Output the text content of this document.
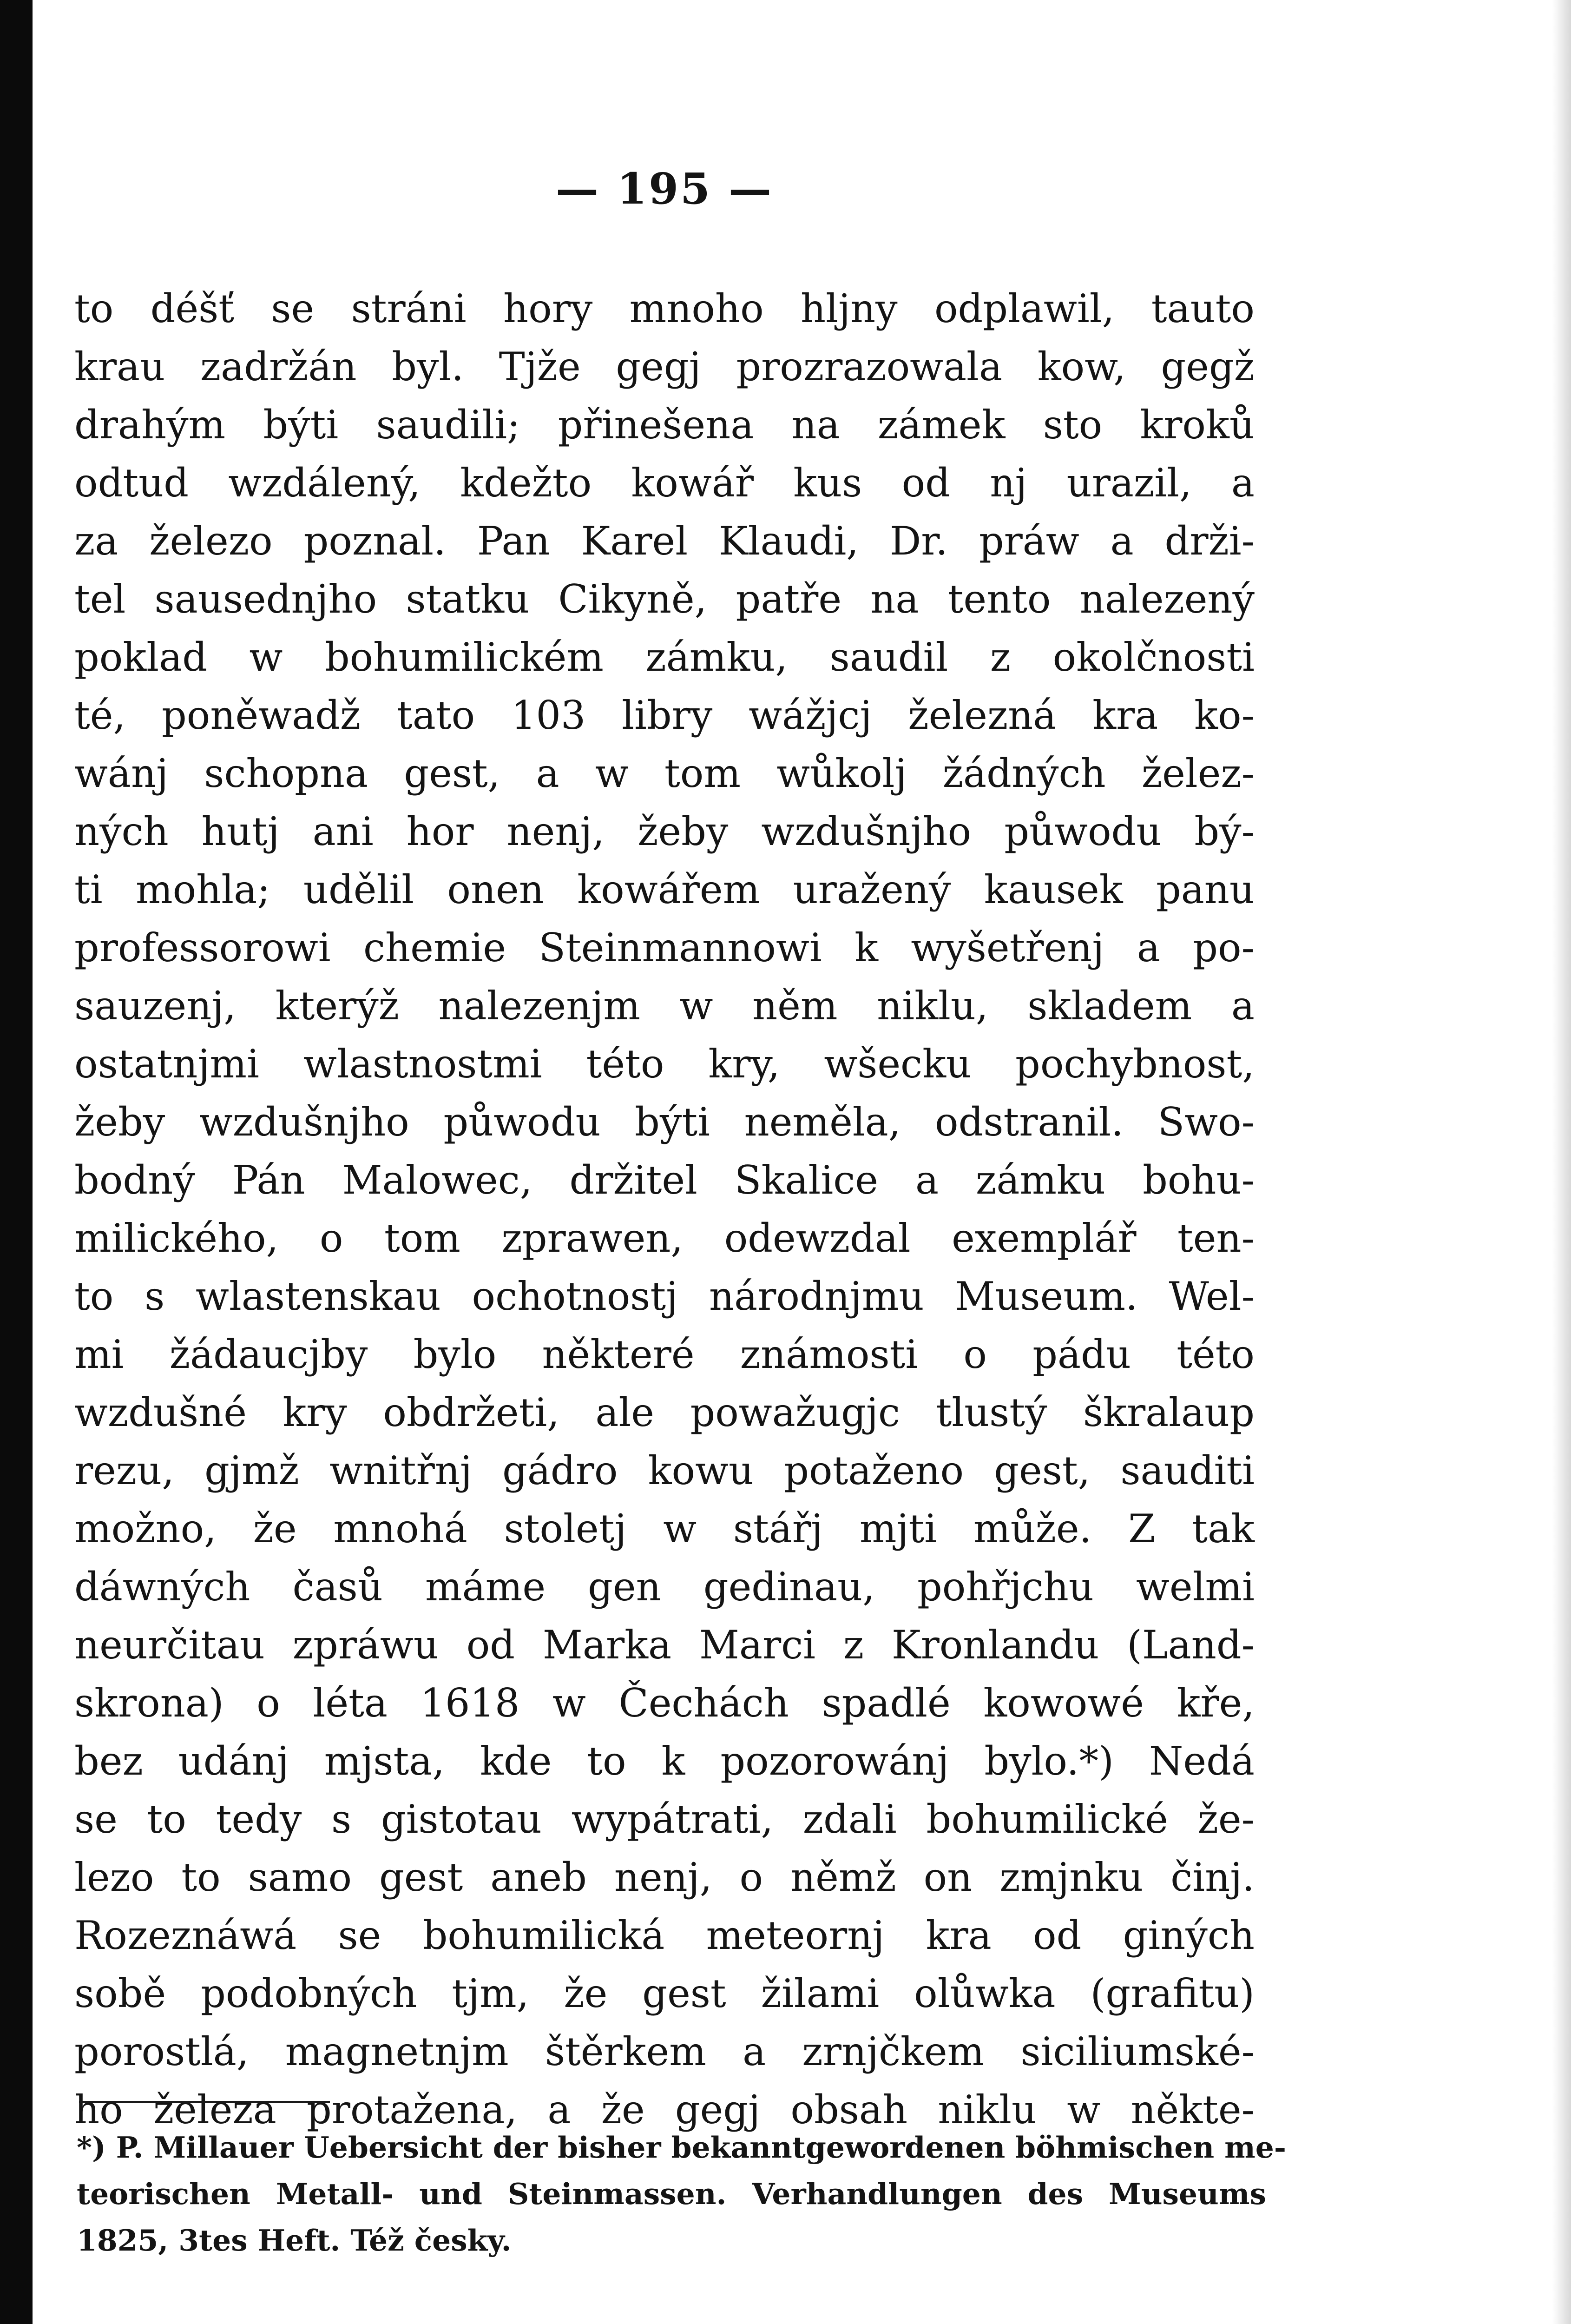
— 195 —
to déšť se stráni hory mnoho hljny odplawil, tauto
krau zadržán byl. Tjže gegj prozrazowala kow, gegž
drahým býti saudili; přinešena na zámek sto kroků
odtud wzdálený, kdežto kowář kus od nj urazil, a
za železo poznal. Pan Karel Klaudi, Dr. práw a drži-
tel sausednjho statku Cikyně, patře na tento nalezený
poklad w bohumilickém zámku, saudil z okolčnosti
té, poněwadž tato 103 libry wážjcj železná kra ko-
wánj schopna gest, a w tom wůkolj žádných želez-
ných hutj ani hor nenj, žeby wzdušnjho půwodu bý-
ti mohla; udělil onen kowářem uražený kausek panu
professorowi chemie Steinmannowi k wyšetřenj a po-
sauzenj, kterýž nalezenjm w něm niklu, skladem a
ostatnjmi wlastnostmi této kry, wšecku pochybnost,
žeby wzdušnjho půwodu býti neměla, odstranil. Swo-
bodný Pán Malowec, držitel Skalice a zámku bohu-
milického, o tom zprawen, odewzdal exemplář ten-
to s wlastenskau ochotnostj národnjmu Museum. Wel-
mi žádaucjby bylo některé známosti o pádu této
wzdušné kry obdržeti, ale powažugjc tlustý škralaup
rezu, gjmž wnitřnj gádro kowu potaženo gest, sauditi
možno, že mnohá stoletj w stářj mjti může. Z tak
dáwných časů máme gen gedinau, pohřjchu welmi
neurčitau zpráwu od Marka Marci z Kronlandu (Land-
skrona) o léta 1618 w Čechách spadlé kowowé kře,
bez udánj mjsta, kde to k pozorowánj bylo.*) Nedá
se to tedy s gistotau wypátrati, zdali bohumilické že-
lezo to samo gest aneb nenj, o němž on zmjnku činj.
Rozeznáwá se bohumilická meteornj kra od giných
sobě podobných tjm, že gest žilami olůwka (grafitu)
porostlá, magnetnjm štěrkem a zrnjčkem siciliumské-
ho železa protažena, a že gegj obsah niklu w někte-
*) P. Millauer Uebersicht der bisher bekanntgewordenen böhmischen me-
teorischen Metall- und Steinmassen. Verhandlungen des Museums
1825, 3tes Heft. Též česky.
